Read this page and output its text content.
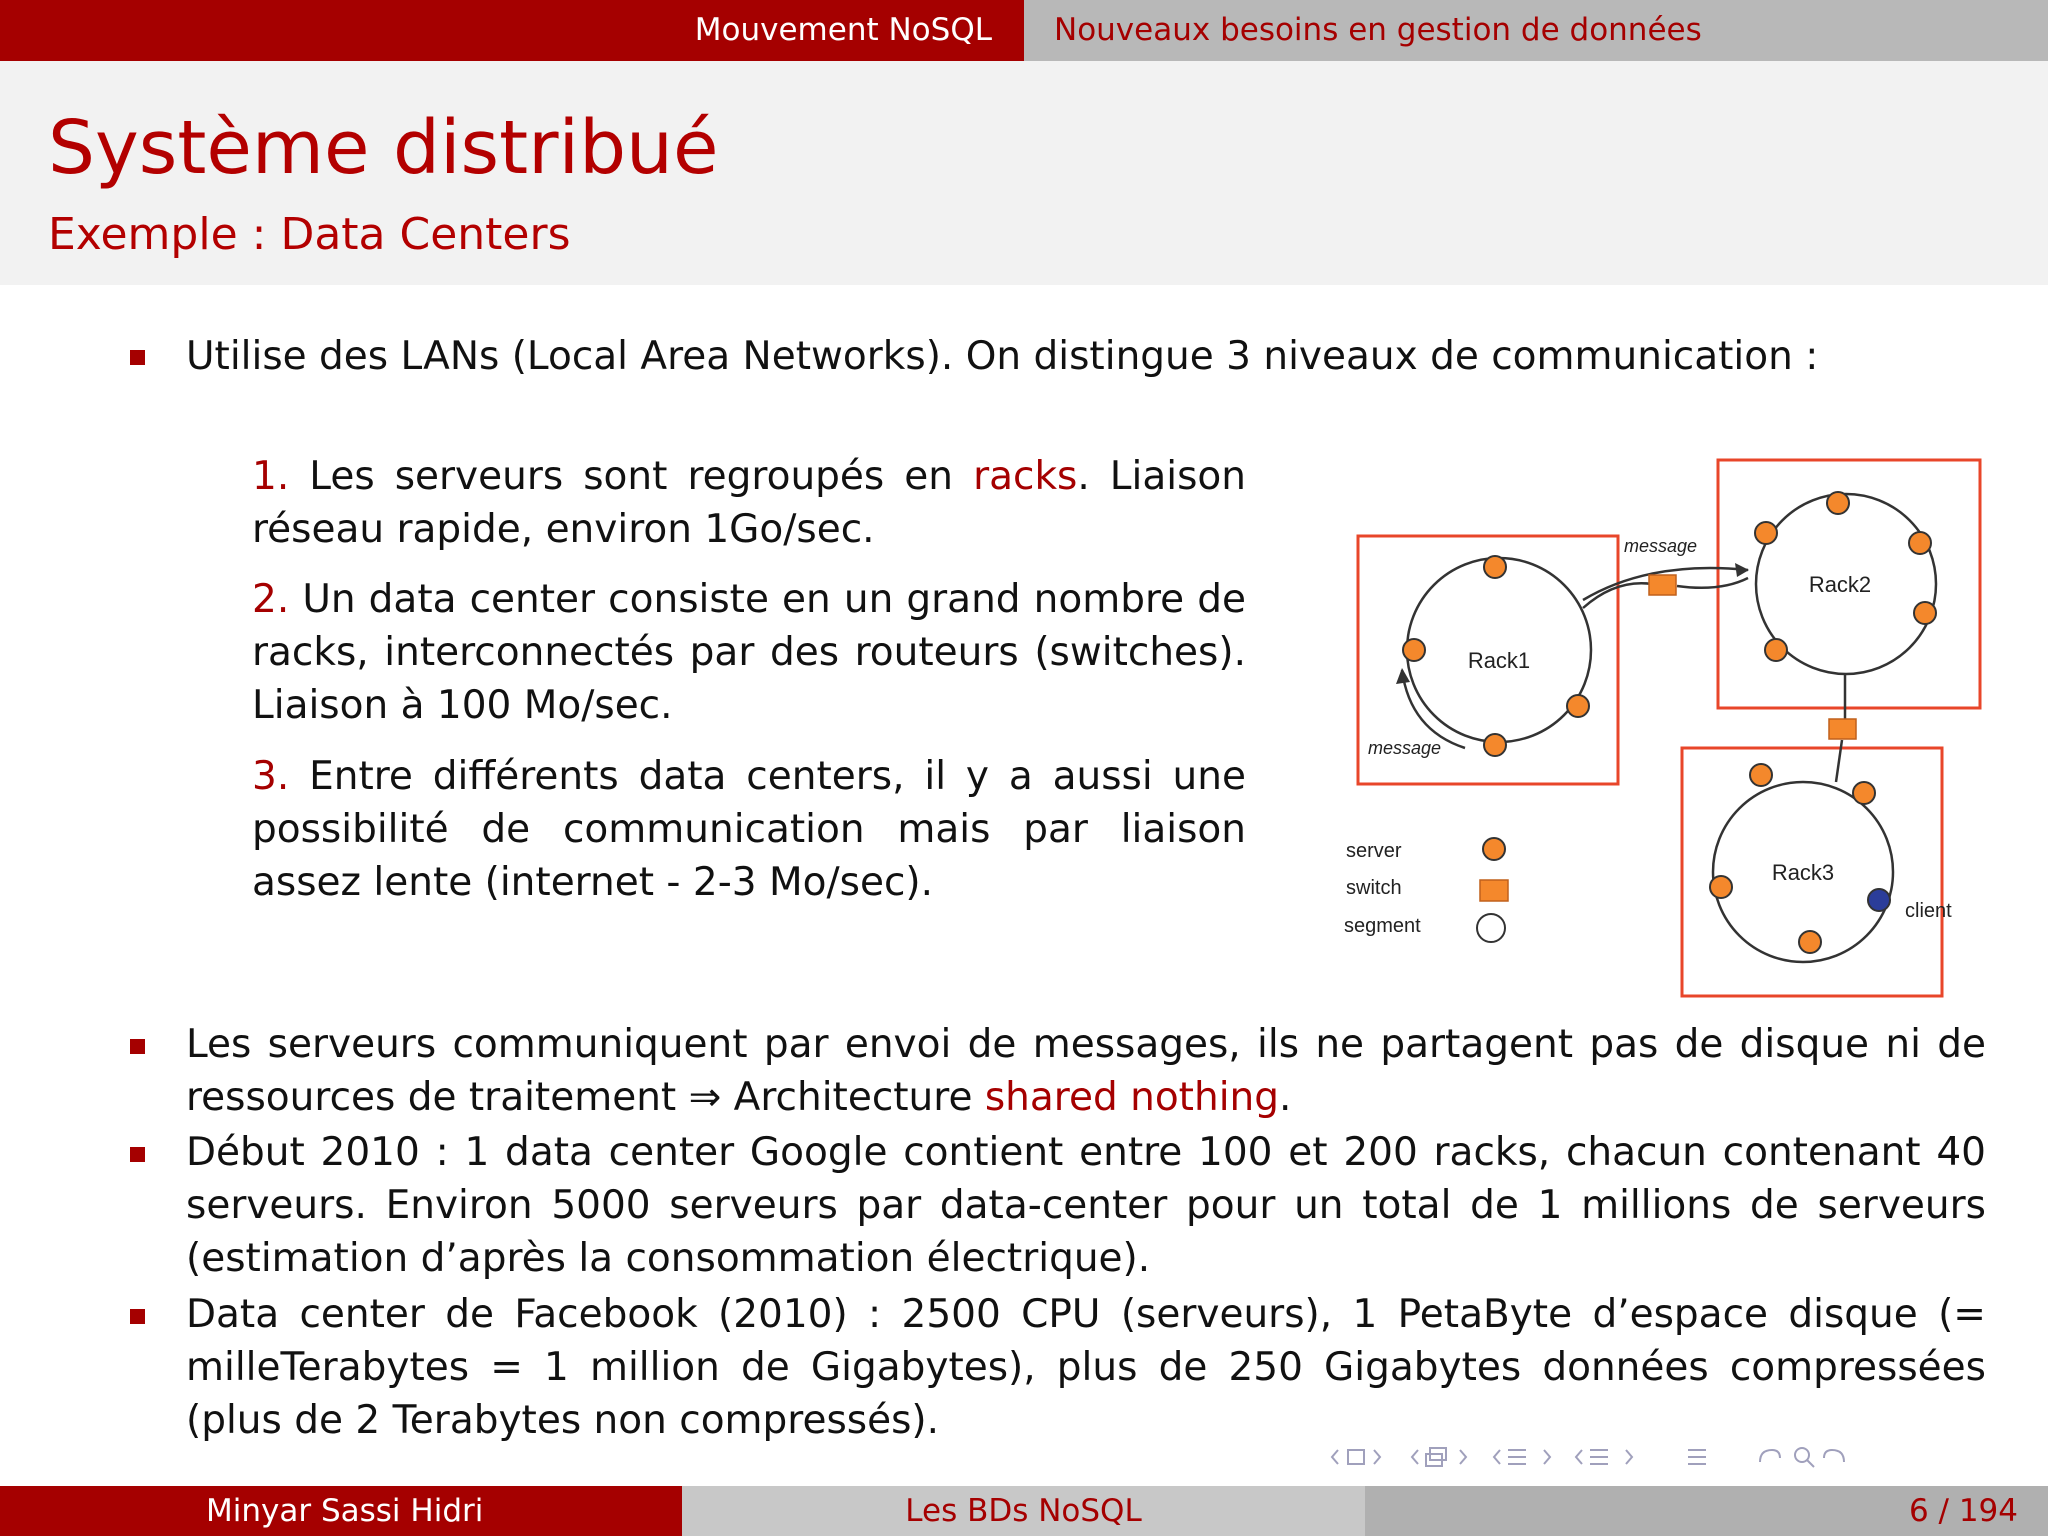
Mouvement NoSQL	Nouveaux besoins en gestion de données
Système distribué
Exemple : Data Centers
Utilise des LANs (Local Area Networks). On distingue 3 niveaux de communication :
1. Les serveurs sont regroupés en racks. Liaison réseau rapide, environ 1Go/sec.
2. Un data center consiste en un grand nombre de racks, interconnectés par des routeurs (switches). Liaison à 100 Mo/sec.
3. Entre différents data centers, il y a aussi une possibilité de communication mais par liaison assez lente (internet - 2-3 Mo/sec).
Rack1
Rack2
Rack3
message
message
client
server
switch
segment
Les serveurs communiquent par envoi de messages, ils ne partagent pas de disque ni de ressources de traitement ⇒ Architecture shared nothing.
Début 2010 : 1 data center Google contient entre 100 et 200 racks, chacun contenant 40 serveurs. Environ 5000 serveurs par data-center pour un total de 1 millions de serveurs (estimation d’après la consommation électrique).
Data center de Facebook (2010) : 2500 CPU (serveurs), 1 PetaByte d’espace disque (= milleTerabytes = 1 million de Gigabytes), plus de 250 Gigabytes données compressées (plus de 2 Terabytes non compressés).
Minyar Sassi Hidri	Les BDs NoSQL	6 / 194
